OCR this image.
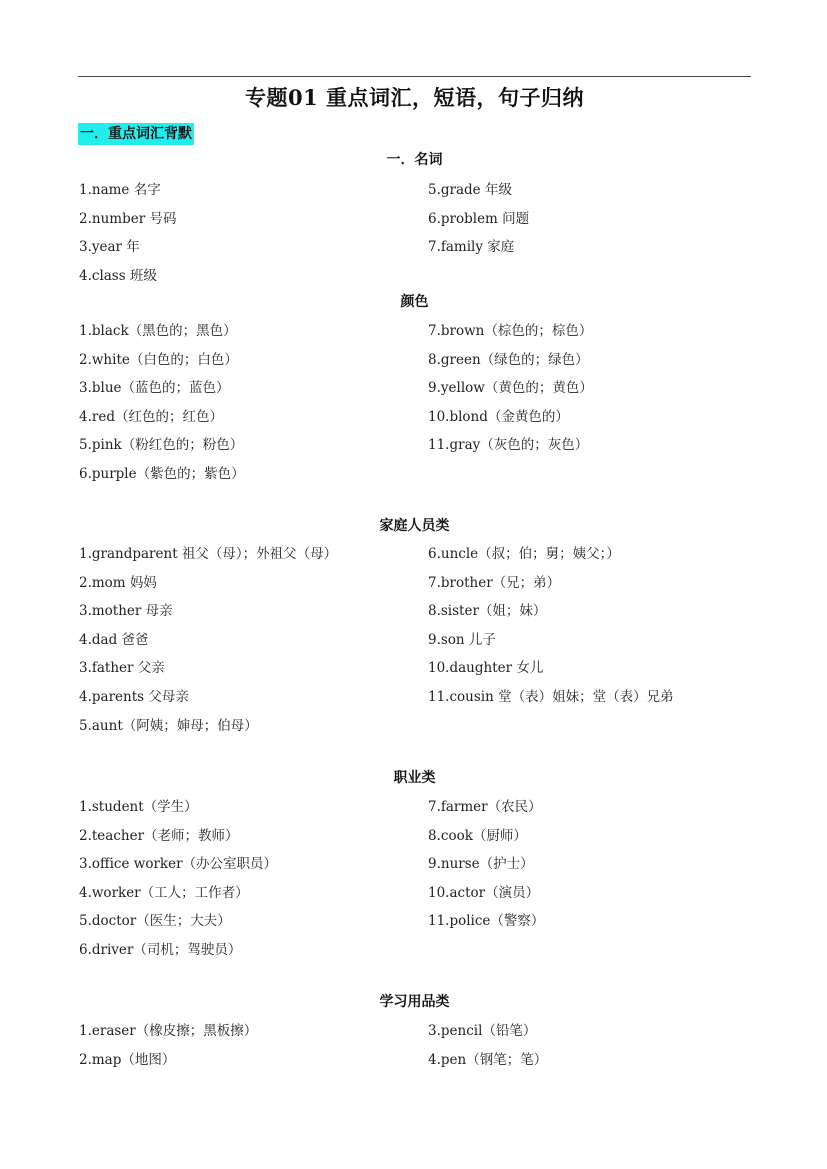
专题01 重点词汇，短语，句子归纳
一．重点词汇背默
一．名词
1.name 名字
2.number 号码
3.year 年
4.class 班级
5.grade 年级
6.problem 问题
7.family 家庭
颜色
1.black（黑色的；黑色）
2.white（白色的；白色）
3.blue（蓝色的；蓝色）
4.red（红色的；红色）
5.pink（粉红色的；粉色）
6.purple（紫色的；紫色）
7.brown（棕色的；棕色）
8.green（绿色的；绿色）
9.yellow（黄色的；黄色）
10.blond（金黄色的）
11.gray（灰色的；灰色）
家庭人员类
1.grandparent 祖父（母）；外祖父（母）
2.mom 妈妈
3.mother 母亲
4.dad 爸爸
3.father 父亲
4.parents 父母亲
5.aunt（阿姨；婶母；伯母）
6.uncle（叔；伯；舅；姨父；）
7.brother（兄；弟）
8.sister（姐；妹）
9.son 儿子
10.daughter 女儿
11.cousin 堂（表）姐妹；堂（表）兄弟
职业类
1.student（学生）
2.teacher（老师；教师）
3.office worker（办公室职员）
4.worker（工人；工作者）
5.doctor（医生；大夫）
6.driver（司机；驾驶员）
7.farmer（农民）
8.cook（厨师）
9.nurse（护士）
10.actor（演员）
11.police（警察）
学习用品类
1.eraser（橡皮擦；黑板擦）
2.map（地图）
3.pencil（铅笔）
4.pen（钢笔；笔）
